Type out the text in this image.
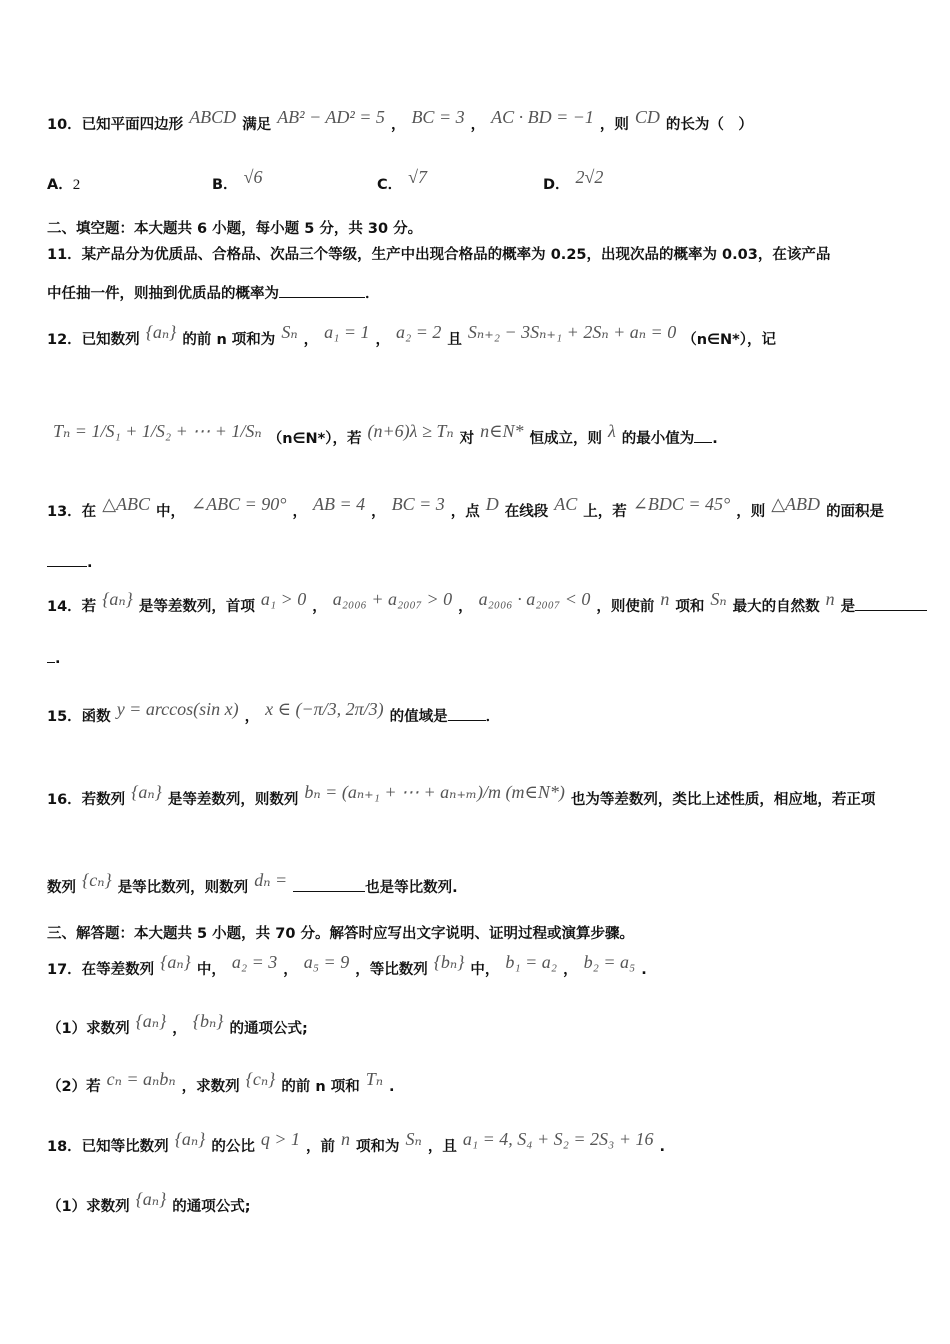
10．已知平面四边形 ABCD 满足 AB² − AD² = 5 ， BC = 3 ， AC · BD = −1 ，则 CD 的长为（　）
A．2	B． √6	C． √7	D． 2√2
二、填空题：本大题共 6 小题，每小题 5 分，共 30 分。
11．某产品分为优质品、合格品、次品三个等级，生产中出现合格品的概率为 0.25，出现次品的概率为 0.03，在该产品
中任抽一件，则抽到优质品的概率为	．
12．已知数列 {aₙ} 的前 n 项和为 Sₙ ， a₁ = 1 ， a₂ = 2 且 Sₙ₊₂ − 3Sₙ₊₁ + 2Sₙ + aₙ = 0 （n∈N*），记
Tₙ = 1/S₁ + 1/S₂ + ⋯ + 1/Sₙ （n∈N*），若 (n+6)λ ≥ Tₙ 对 n∈N* 恒成立，则 λ 的最小值为 .
13．在 △ABC 中， ∠ABC = 90° ， AB = 4 ， BC = 3 ，点 D 在线段 AC 上，若 ∠BDC = 45° ，则 △ABD 的面积是
.
14．若 {aₙ} 是等差数列，首项 a₁ > 0 ， a₂₀₀₆ + a₂₀₀₇ > 0 ， a₂₀₀₆ · a₂₀₀₇ < 0 ，则使前 n 项和 Sₙ 最大的自然数 n 是
.
15．函数 y = arccos(sin x) ， x ∈ (−π/3, 2π/3) 的值域是	．
16．若数列 {aₙ} 是等差数列，则数列 bₙ = (aₙ₊₁ + ⋯ + aₙ₊ₘ)/m (m∈N*) 也为等差数列，类比上述性质，相应地，若正项
数列 {cₙ} 是等比数列，则数列 dₙ =	也是等比数列.
三、解答题：本大题共 5 小题，共 70 分。解答时应写出文字说明、证明过程或演算步骤。
17．在等差数列 {aₙ} 中， a₂ = 3 ， a₅ = 9 ，等比数列 {bₙ} 中， b₁ = a₂ ， b₂ = a₅ .
（1）求数列 {aₙ} ， {bₙ} 的通项公式;
（2）若 cₙ = aₙbₙ ，求数列 {cₙ} 的前 n 项和 Tₙ .
18．已知等比数列 {aₙ} 的公比 q > 1 ，前 n 项和为 Sₙ ，且 a₁ = 4, S₄ + S₂ = 2S₃ + 16 .
（1）求数列 {aₙ} 的通项公式;
